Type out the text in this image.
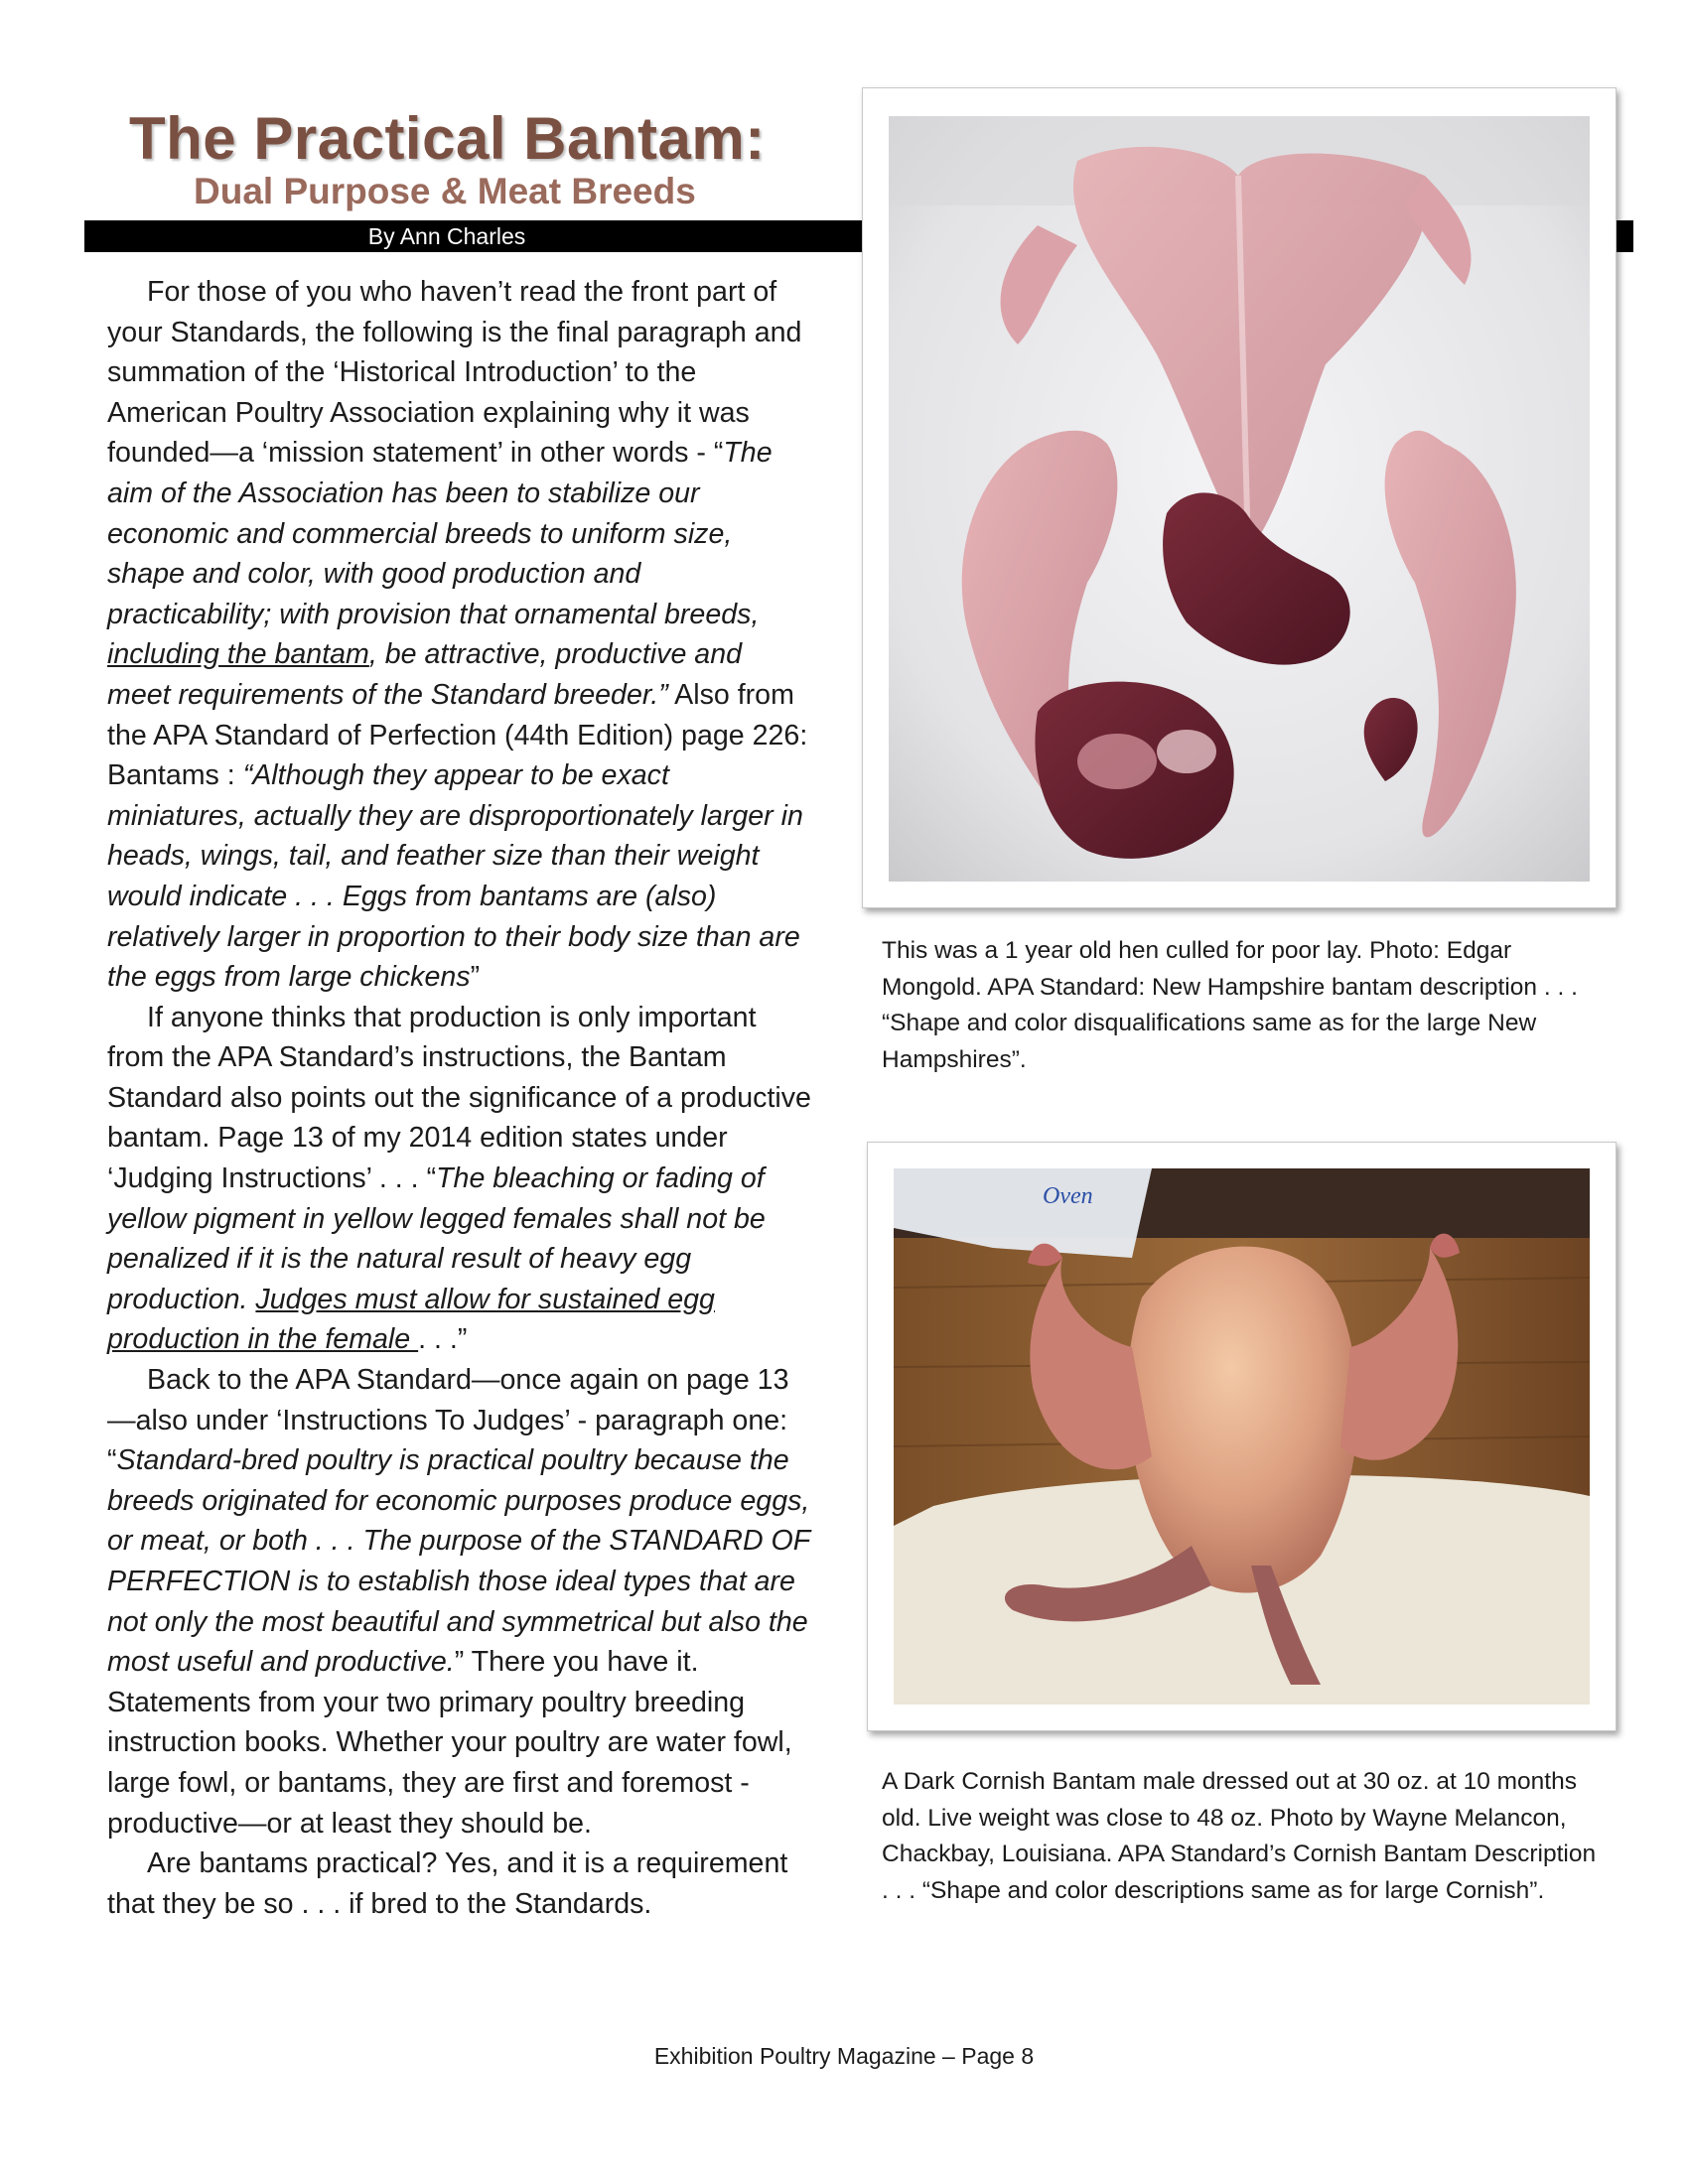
The Practical Bantam:
Dual Purpose & Meat Breeds
By Ann Charles

For those of you who haven’t read the front part of your Standards, the following is the final paragraph and summation of the ‘Historical Introduction’ to the American Poultry Association explaining why it was founded—a ‘mission statement’ in other words - “The aim of the Association has been to stabilize our economic and commercial breeds to uniform size, shape and color, with good production and practicability; with provision that ornamental breeds, including the bantam, be attractive, productive and meet requirements of the Standard breeder.” Also from the APA Standard of Perfection (44th Edition) page 226: Bantams : “Although they appear to be exact miniatures, actually they are disproportionately larger in heads, wings, tail, and feather size than their weight would indicate . . . Eggs from bantams are (also) relatively larger in proportion to their body size than are the eggs from large chickens”

If anyone thinks that production is only important from the APA Standard’s instructions, the Bantam Standard also points out the significance of a productive bantam. Page 13 of my 2014 edition states under ‘Judging Instructions’ . . . “The bleaching or fading of yellow pigment in yellow legged females shall not be penalized if it is the natural result of heavy egg production. Judges must allow for sustained egg production in the female . . .”

Back to the APA Standard—once again on page 13—also under ‘Instructions To Judges’ - paragraph one: “Standard-bred poultry is practical poultry because the breeds originated for economic purposes produce eggs, or meat, or both . . . The purpose of the STANDARD OF PERFECTION is to establish those ideal types that are not only the most beautiful and symmetrical but also the most useful and productive.” There you have it. Statements from your two primary poultry breeding instruction books. Whether your poultry are water fowl, large fowl, or bantams, they are first and foremost - productive—or at least they should be.

Are bantams practical? Yes, and it is a requirement that they be so . . . if bred to the Standards.

This was a 1 year old hen culled for poor lay. Photo: Edgar Mongold. APA Standard: New Hampshire bantam description . . . “Shape and color disqualifications same as for the large New Hampshires”.
Oven
A Dark Cornish Bantam male dressed out at 30 oz. at 10 months old. Live weight was close to 48 oz. Photo by Wayne Melancon, Chackbay, Louisiana. APA Standard’s Cornish Bantam Description . . . “Shape and color descriptions same as for large Cornish”.
Exhibition Poultry Magazine – Page 8
